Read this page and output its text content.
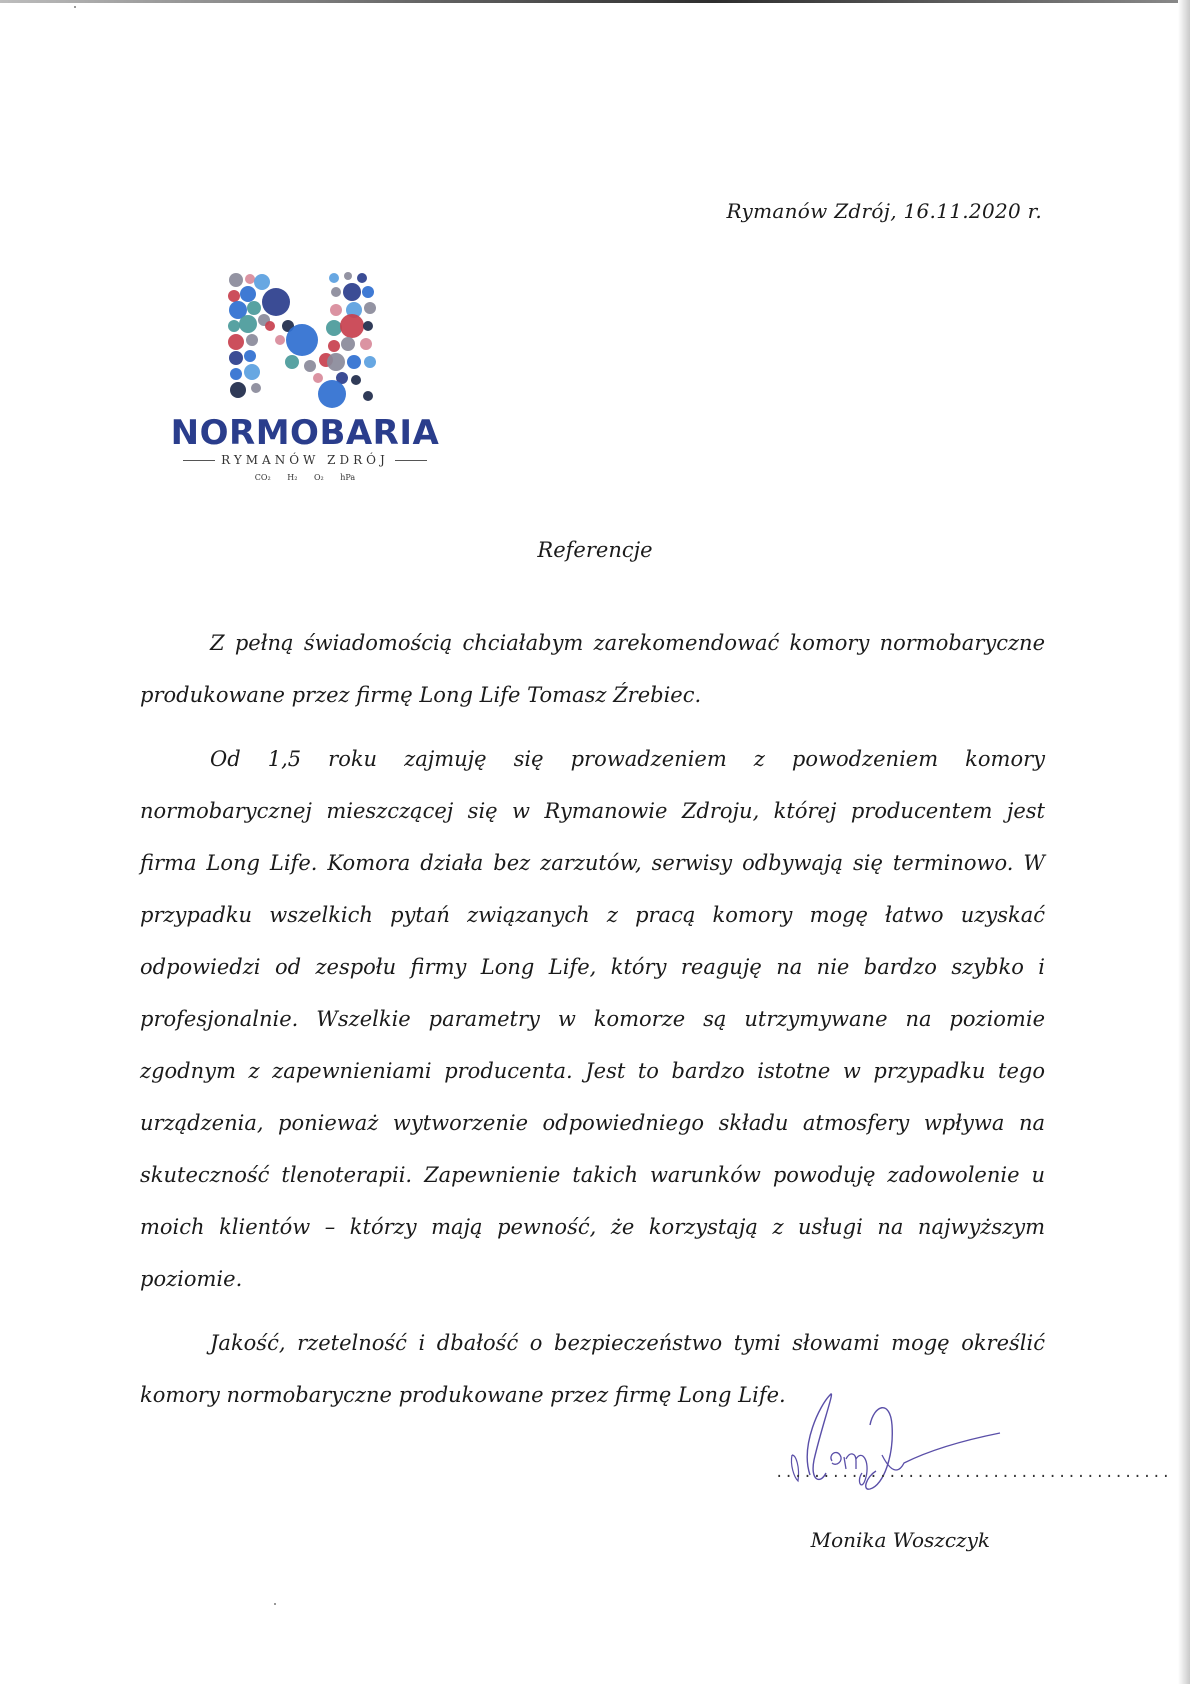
Rymanów Zdrój, 16.11.2020 r.
NORMOBARIA
RYMANÓW ZDRÓJ
CO₂ H₂ O₂ hPa
Referencje

Z pełną świadomością chciałabym zarekomendować komory normobaryczne produkowane przez firmę Long Life Tomasz Źrebiec.

Od 1,5 roku zajmuję się prowadzeniem z powodzeniem komory normobarycznej mieszczącej się w Rymanowie Zdroju, której producentem jest firma Long Life. Komora działa bez zarzutów, serwisy odbywają się terminowo. W przypadku wszelkich pytań związanych z pracą komory mogę łatwo uzyskać odpowiedzi od zespołu firmy Long Life, który reaguję na nie bardzo szybko i profesjonalnie. Wszelkie parametry w komorze są utrzymywane na poziomie zgodnym z zapewnieniami producenta. Jest to bardzo istotne w przypadku tego urządzenia, ponieważ wytworzenie odpowiedniego składu atmosfery wpływa na skuteczność tlenoterapii. Zapewnienie takich warunków powoduję zadowolenie u moich klientów – którzy mają pewność, że korzystają z usługi na najwyższym poziomie.

Jakość, rzetelność i dbałość o bezpieczeństwo tymi słowami mogę określić komory normobaryczne produkowane przez firmę Long Life.

..........................................
Monika Woszczyk
